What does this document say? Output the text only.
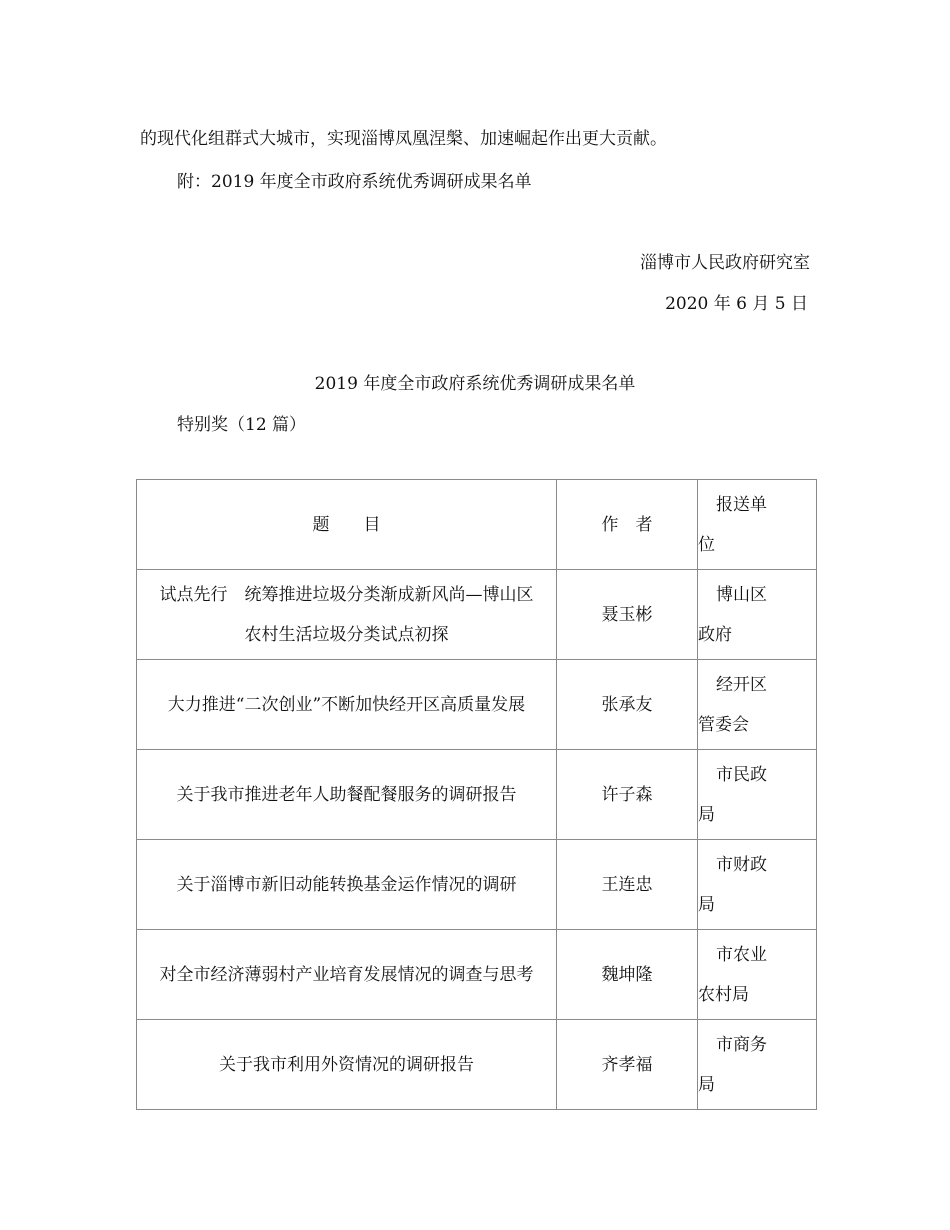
的现代化组群式大城市，实现淄博凤凰涅槃、加速崛起作出更大贡献。
附：2019 年度全市政府系统优秀调研成果名单
淄博市人民政府研究室
2020 年 6 月 5 日
2019 年度全市政府系统优秀调研成果名单
特别奖（12 篇）
题　　目	作　者	报送单位

试点先行　统筹推进垃圾分类渐成新风尚—博山区农村生活垃圾分类试点初探	聂玉彬	博山区政府

大力推进“二次创业”不断加快经开区高质量发展	张承友	经开区管委会

关于我市推进老年人助餐配餐服务的调研报告	许子森	市民政局

关于淄博市新旧动能转换基金运作情况的调研	王连忠	市财政局

对全市经济薄弱村产业培育发展情况的调查与思考	魏坤隆	市农业农村局

关于我市利用外资情况的调研报告	齐孝福	市商务局
